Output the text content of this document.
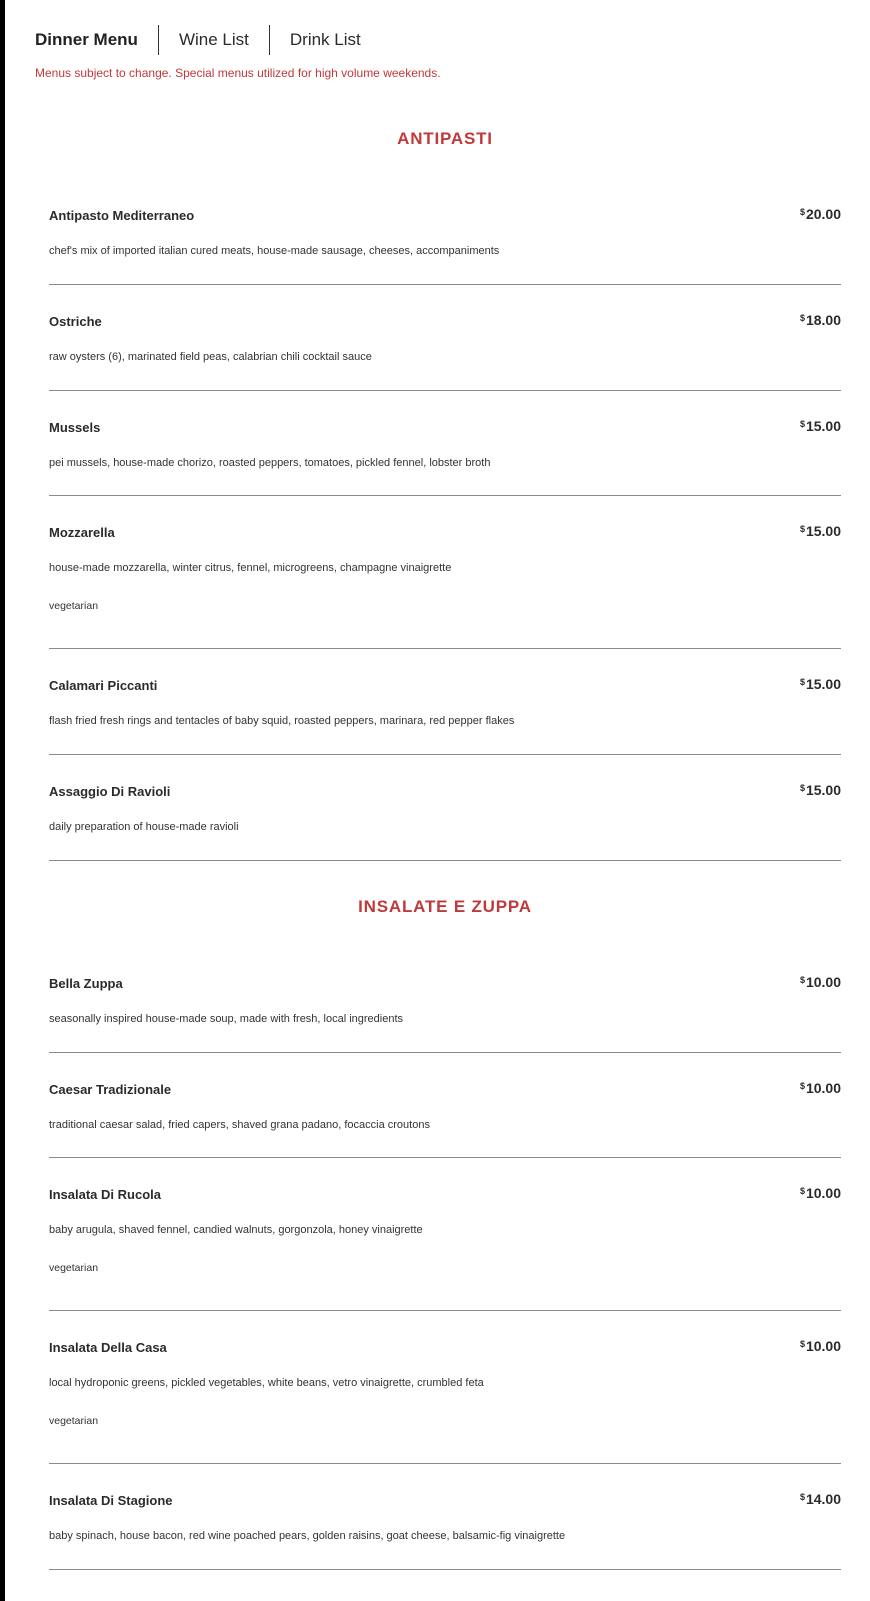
Dinner Menu Wine List Drink List
Menus subject to change. Special menus utilized for high volume weekends.
ANTIPASTI
Antipasto Mediterraneo	$20.00
chef's mix of imported italian cured meats, house-made sausage, cheeses, accompaniments
Ostriche	$18.00
raw oysters (6), marinated field peas, calabrian chili cocktail sauce
Mussels	$15.00
pei mussels, house-made chorizo, roasted peppers, tomatoes, pickled fennel, lobster broth
Mozzarella	$15.00
house-made mozzarella, winter citrus, fennel, microgreens, champagne vinaigrette
vegetarian
Calamari Piccanti	$15.00
flash fried fresh rings and tentacles of baby squid, roasted peppers, marinara, red pepper flakes
Assaggio Di Ravioli	$15.00
daily preparation of house-made ravioli
INSALATE E ZUPPA
Bella Zuppa	$10.00
seasonally inspired house-made soup, made with fresh, local ingredients
Caesar Tradizionale	$10.00
traditional caesar salad, fried capers, shaved grana padano, focaccia croutons
Insalata Di Rucola	$10.00
baby arugula, shaved fennel, candied walnuts, gorgonzola, honey vinaigrette
vegetarian
Insalata Della Casa	$10.00
local hydroponic greens, pickled vegetables, white beans, vetro vinaigrette, crumbled feta
vegetarian
Insalata Di Stagione	$14.00
baby spinach, house bacon, red wine poached pears, golden raisins, goat cheese, balsamic-fig vinaigrette
